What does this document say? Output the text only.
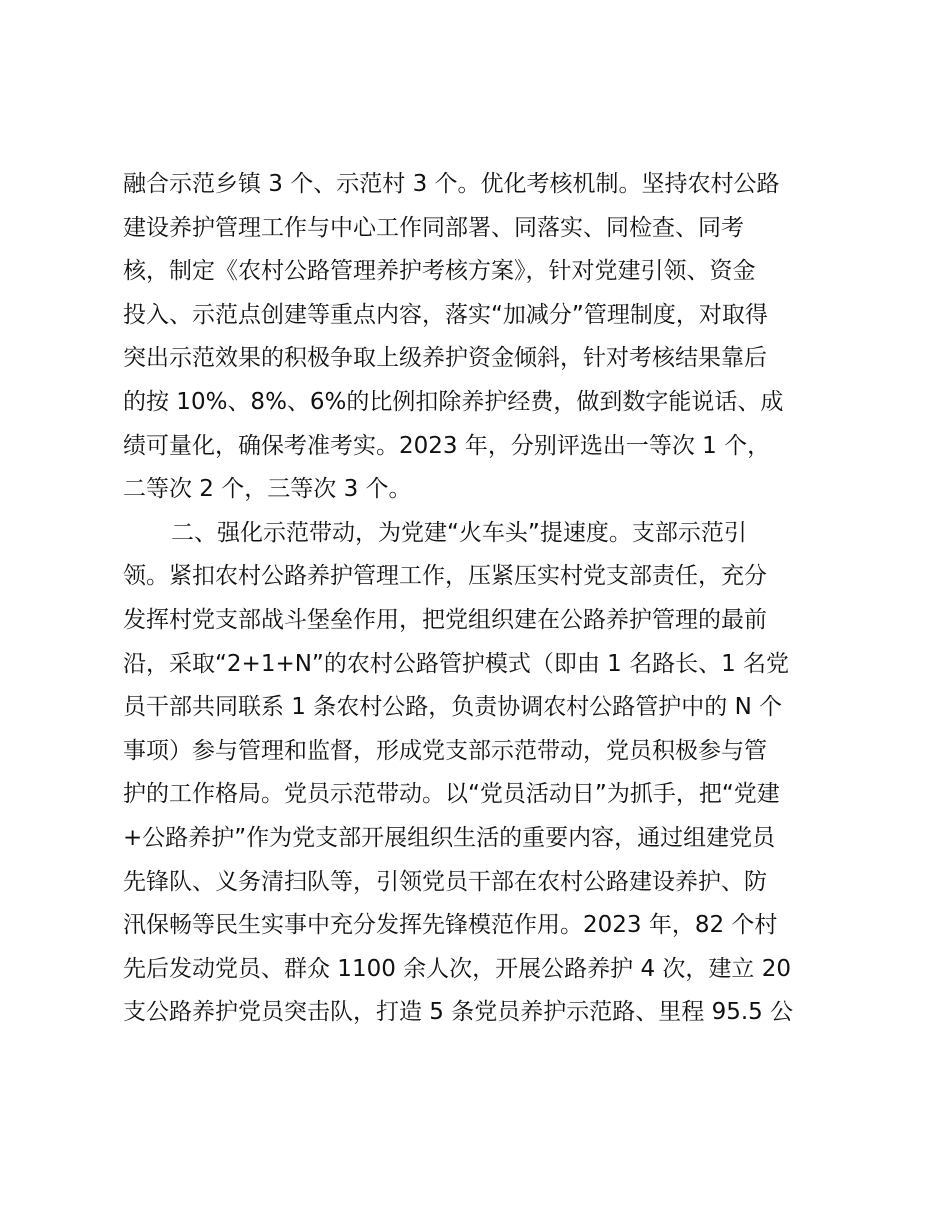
融合示范乡镇 3 个、示范村 3 个。优化考核机制。坚持农村公路
建设养护管理工作与中心工作同部署、同落实、同检查、同考
核，制定《农村公路管理养护考核方案》，针对党建引领、资金
投入、示范点创建等重点内容，落实“加减分”管理制度，对取得
突出示范效果的积极争取上级养护资金倾斜，针对考核结果靠后
的按 10%、8%、6%的比例扣除养护经费，做到数字能说话、成
绩可量化，确保考准考实。2023 年，分别评选出一等次 1 个，
二等次 2 个，三等次 3 个。
二、强化示范带动，为党建“火车头”提速度。支部示范引
领。紧扣农村公路养护管理工作，压紧压实村党支部责任，充分
发挥村党支部战斗堡垒作用，把党组织建在公路养护管理的最前
沿，采取“2+1+N”的农村公路管护模式（即由 1 名路长、1 名党
员干部共同联系 1 条农村公路，负责协调农村公路管护中的 N 个
事项）参与管理和监督，形成党支部示范带动，党员积极参与管
护的工作格局。党员示范带动。以“党员活动日”为抓手，把“党建
+公路养护”作为党支部开展组织生活的重要内容，通过组建党员
先锋队、义务清扫队等，引领党员干部在农村公路建设养护、防
汛保畅等民生实事中充分发挥先锋模范作用。2023 年，82 个村
先后发动党员、群众 1100 余人次，开展公路养护 4 次，建立 20
支公路养护党员突击队，打造 5 条党员养护示范路、里程 95.5 公
